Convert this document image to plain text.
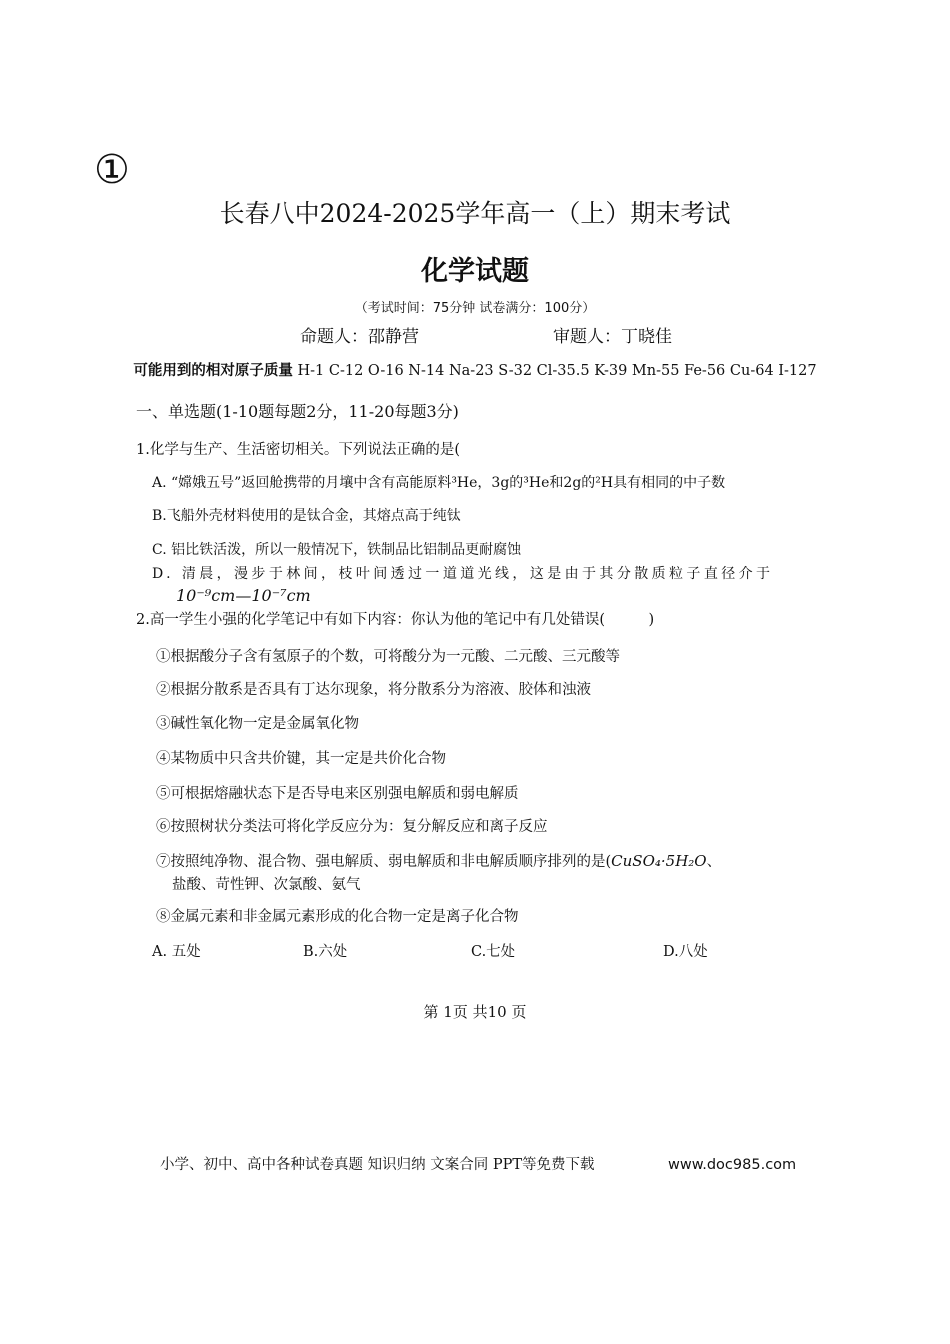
①
长春八中2024-2025学年高一（上）期末考试
化学试题
（考试时间：75分钟 试卷满分：100分）
命题人：邵静营	审题人：丁晓佳
可能用到的相对原子质量 H-1 C-12 O-16 N-14 Na-23 S-32 Cl-35.5 K-39 Mn-55 Fe-56 Cu-64 I-127
一、单选题(1-10题每题2分，11-20每题3分)
1.化学与生产、生活密切相关。下列说法正确的是(
A. “嫦娥五号”返回舱携带的月壤中含有高能原料³He，3g的³He和2g的²H具有相同的中子数
B.飞船外壳材料使用的是钛合金，其熔点高于纯钛
C. 铝比铁活泼，所以一般情况下，铁制品比铝制品更耐腐蚀
D. 清晨，漫步于林间，枝叶间透过一道道光线，这是由于其分散质粒子直径介于
10⁻⁹cm—10⁻⁷cm
2.高一学生小强的化学笔记中有如下内容：你认为他的笔记中有几处错误(　　　)
①根据酸分子含有氢原子的个数，可将酸分为一元酸、二元酸、三元酸等
②根据分散系是否具有丁达尔现象，将分散系分为溶液、胶体和浊液
③碱性氧化物一定是金属氧化物
④某物质中只含共价键，其一定是共价化合物
⑤可根据熔融状态下是否导电来区别强电解质和弱电解质
⑥按照树状分类法可将化学反应分为：复分解反应和离子反应
⑦按照纯净物、混合物、强电解质、弱电解质和非电解质顺序排列的是(CuSO₄·5H₂O、
盐酸、苛性钾、次氯酸、氨气
⑧金属元素和非金属元素形成的化合物一定是离子化合物
A. 五处	B.六处	C.七处	D.八处
第 1页 共10 页
小学、初中、高中各种试卷真题 知识归纳 文案合同 PPT等免费下载	www.doc985.com
